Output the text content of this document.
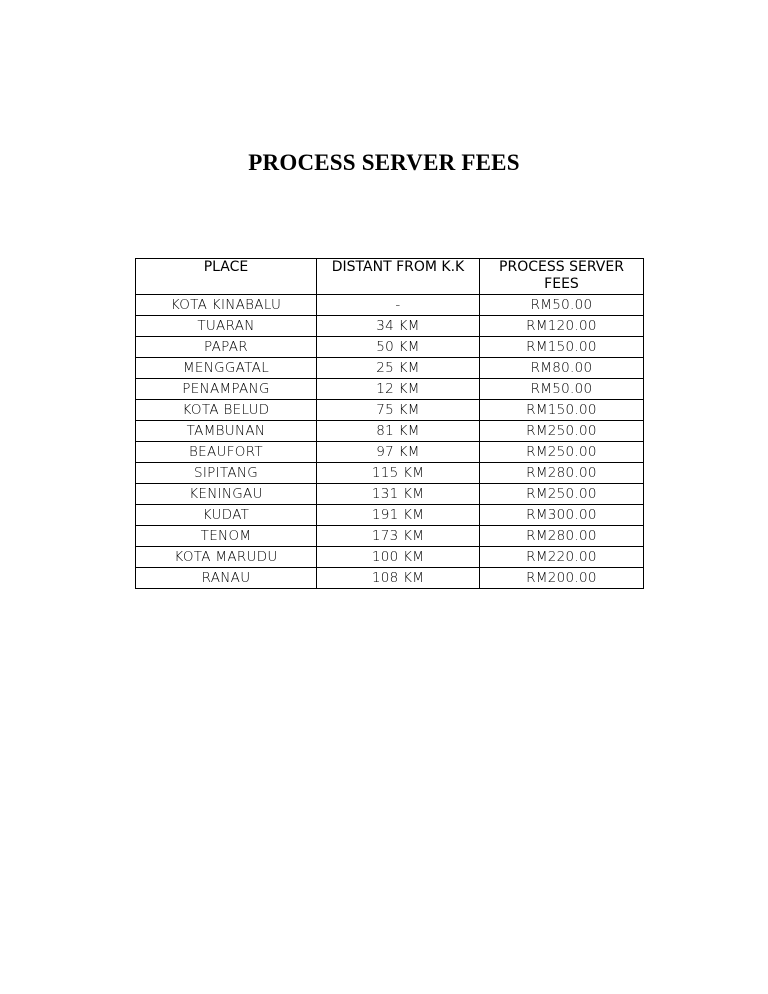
PROCESS SERVER FEES
PLACE	DISTANT FROM K.K	PROCESS SERVER FEES
KOTA KINABALU	-	RM50.00
TUARAN	34 KM	RM120.00
PAPAR	50 KM	RM150.00
MENGGATAL	25 KM	RM80.00
PENAMPANG	12 KM	RM50.00
KOTA BELUD	75 KM	RM150.00
TAMBUNAN	81 KM	RM250.00
BEAUFORT	97 KM	RM250.00
SIPITANG	115 KM	RM280.00
KENINGAU	131 KM	RM250.00
KUDAT	191 KM	RM300.00
TENOM	173 KM	RM280.00
KOTA MARUDU	100 KM	RM220.00
RANAU	108 KM	RM200.00
